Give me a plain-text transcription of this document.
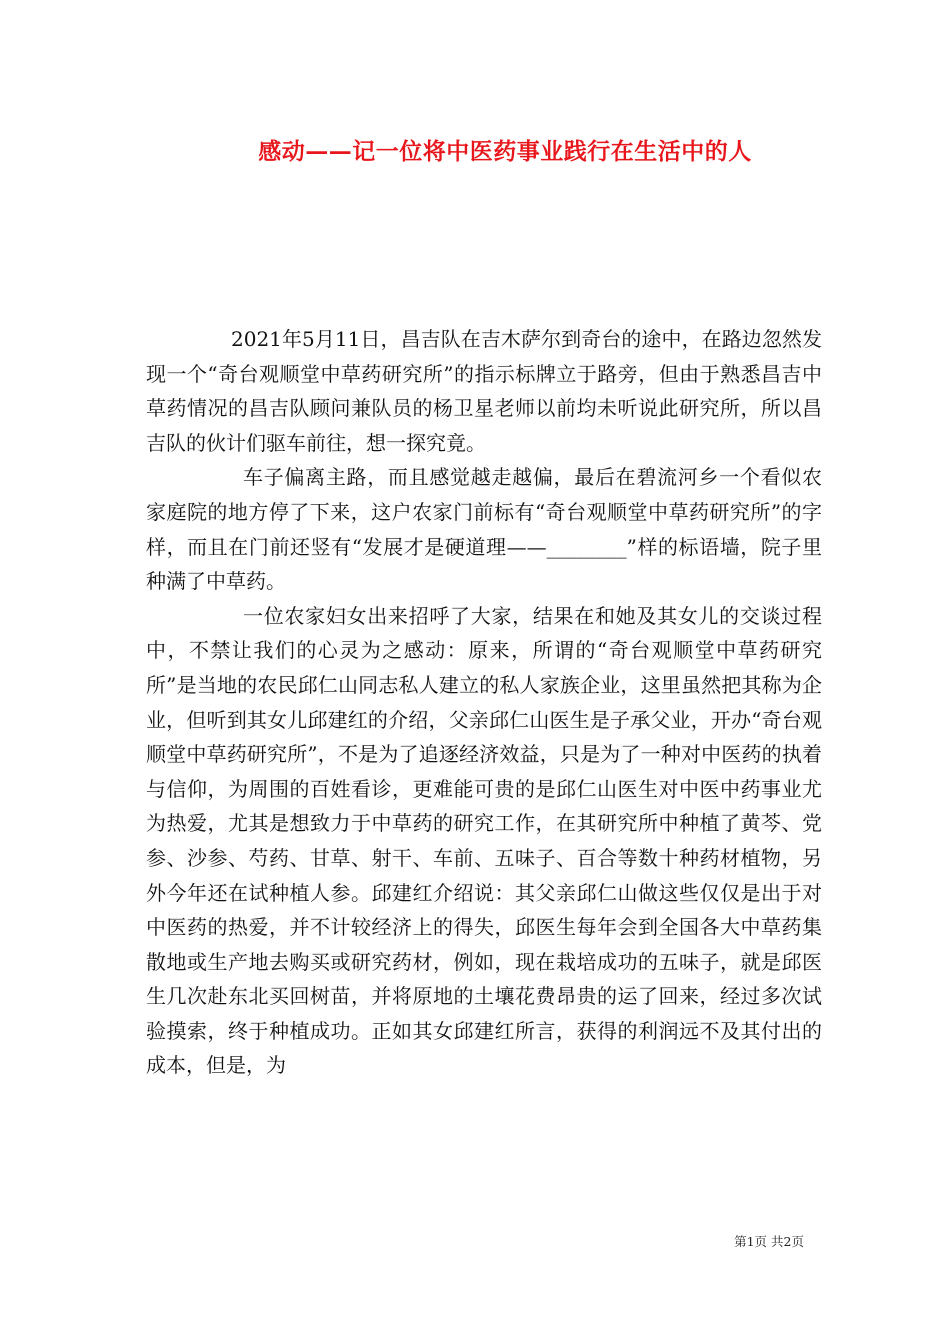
感动——记一位将中医药事业践行在生活中的人

2021年5月11日，昌吉队在吉木萨尔到奇台的途中，在路边忽然发现一个“奇台观顺堂中草药研究所”的指示标牌立于路旁，但由于熟悉昌吉中草药情况的昌吉队顾问兼队员的杨卫星老师以前均未听说此研究所，所以昌吉队的伙计们驱车前往，想一探究竟。

车子偏离主路，而且感觉越走越偏，最后在碧流河乡一个看似农家庭院的地方停了下来，这户农家门前标有“奇台观顺堂中草药研究所”的字样，而且在门前还竖有“发展才是硬道理——________”样的标语墙，院子里种满了中草药。

一位农家妇女出来招呼了大家，结果在和她及其女儿的交谈过程中，不禁让我们的心灵为之感动：原来，所谓的“奇台观顺堂中草药研究所”是当地的农民邱仁山同志私人建立的私人家族企业，这里虽然把其称为企业，但听到其女儿邱建红的介绍，父亲邱仁山医生是子承父业，开办“奇台观顺堂中草药研究所”，不是为了追逐经济效益，只是为了一种对中医药的执着与信仰，为周围的百姓看诊，更难能可贵的是邱仁山医生对中医中药事业尤为热爱，尤其是想致力于中草药的研究工作，在其研究所中种植了黄芩、党参、沙参、芍药、甘草、射干、车前、五味子、百合等数十种药材植物，另外今年还在试种植人参。邱建红介绍说：其父亲邱仁山做这些仅仅是出于对中医药的热爱，并不计较经济上的得失，邱医生每年会到全国各大中草药集散地或生产地去购买或研究药材，例如，现在栽培成功的五味子，就是邱医生几次赴东北买回树苗，并将原地的土壤花费昂贵的运了回来，经过多次试验摸索，终于种植成功。正如其女邱建红所言，获得的利润远不及其付出的成本，但是，为

第1页 共2页
